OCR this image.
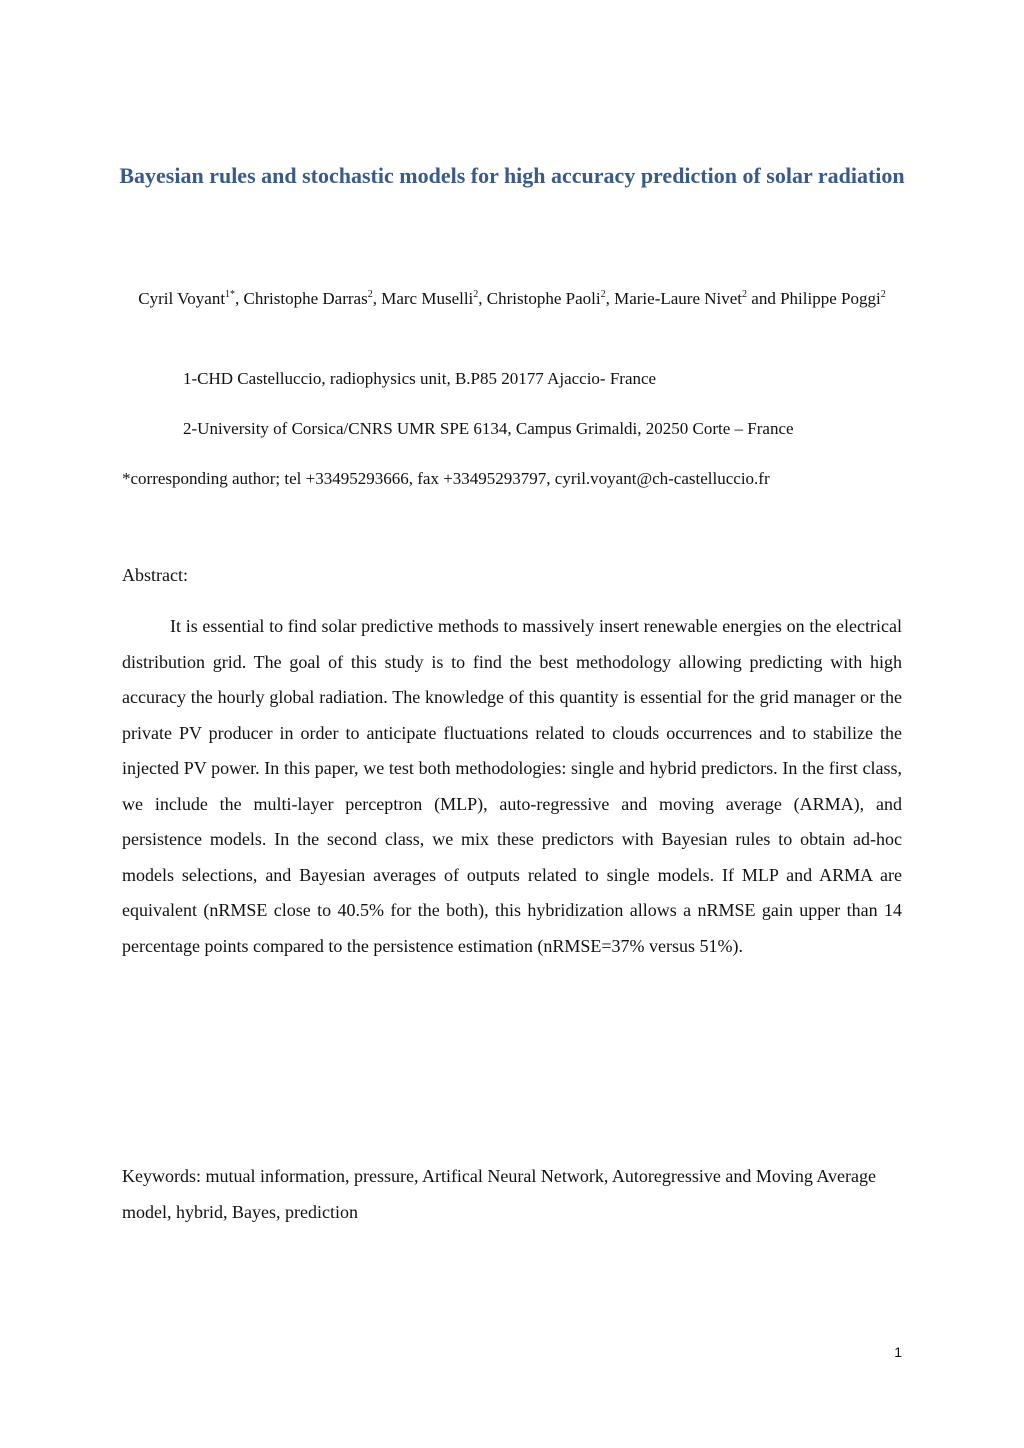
Bayesian rules and stochastic models for high accuracy prediction of solar radiation
Cyril Voyant$^{1*}$, Christophe Darras$^2$, Marc Muselli$^2$, Christophe Paoli$^2$, Marie-Laure Nivet$^2$ and Philippe Poggi$^2$
1-CHD Castelluccio, radiophysics unit, B.P85 20177 Ajaccio- France
2-University of Corsica/CNRS UMR SPE 6134, Campus Grimaldi, 20250 Corte – France
*corresponding author; tel +33495293666, fax +33495293797, cyril.voyant@ch-castelluccio.fr
Abstract:
It is essential to find solar predictive methods to massively insert renewable energies on the electrical distribution grid. The goal of this study is to find the best methodology allowing predicting with high accuracy the hourly global radiation. The knowledge of this quantity is essential for the grid manager or the private PV producer in order to anticipate fluctuations related to clouds occurrences and to stabilize the injected PV power. In this paper, we test both methodologies: single and hybrid predictors. In the first class, we include the multi-layer perceptron (MLP), auto-regressive and moving average (ARMA), and persistence models. In the second class, we mix these predictors with Bayesian rules to obtain ad-hoc models selections, and Bayesian averages of outputs related to single models. If MLP and ARMA are equivalent (nRMSE close to 40.5% for the both), this hybridization allows a nRMSE gain upper than 14 percentage points compared to the persistence estimation (nRMSE=37% versus 51%).
Keywords: mutual information, pressure, Artifical Neural Network, Autoregressive and Moving Average model, hybrid, Bayes, prediction
1
